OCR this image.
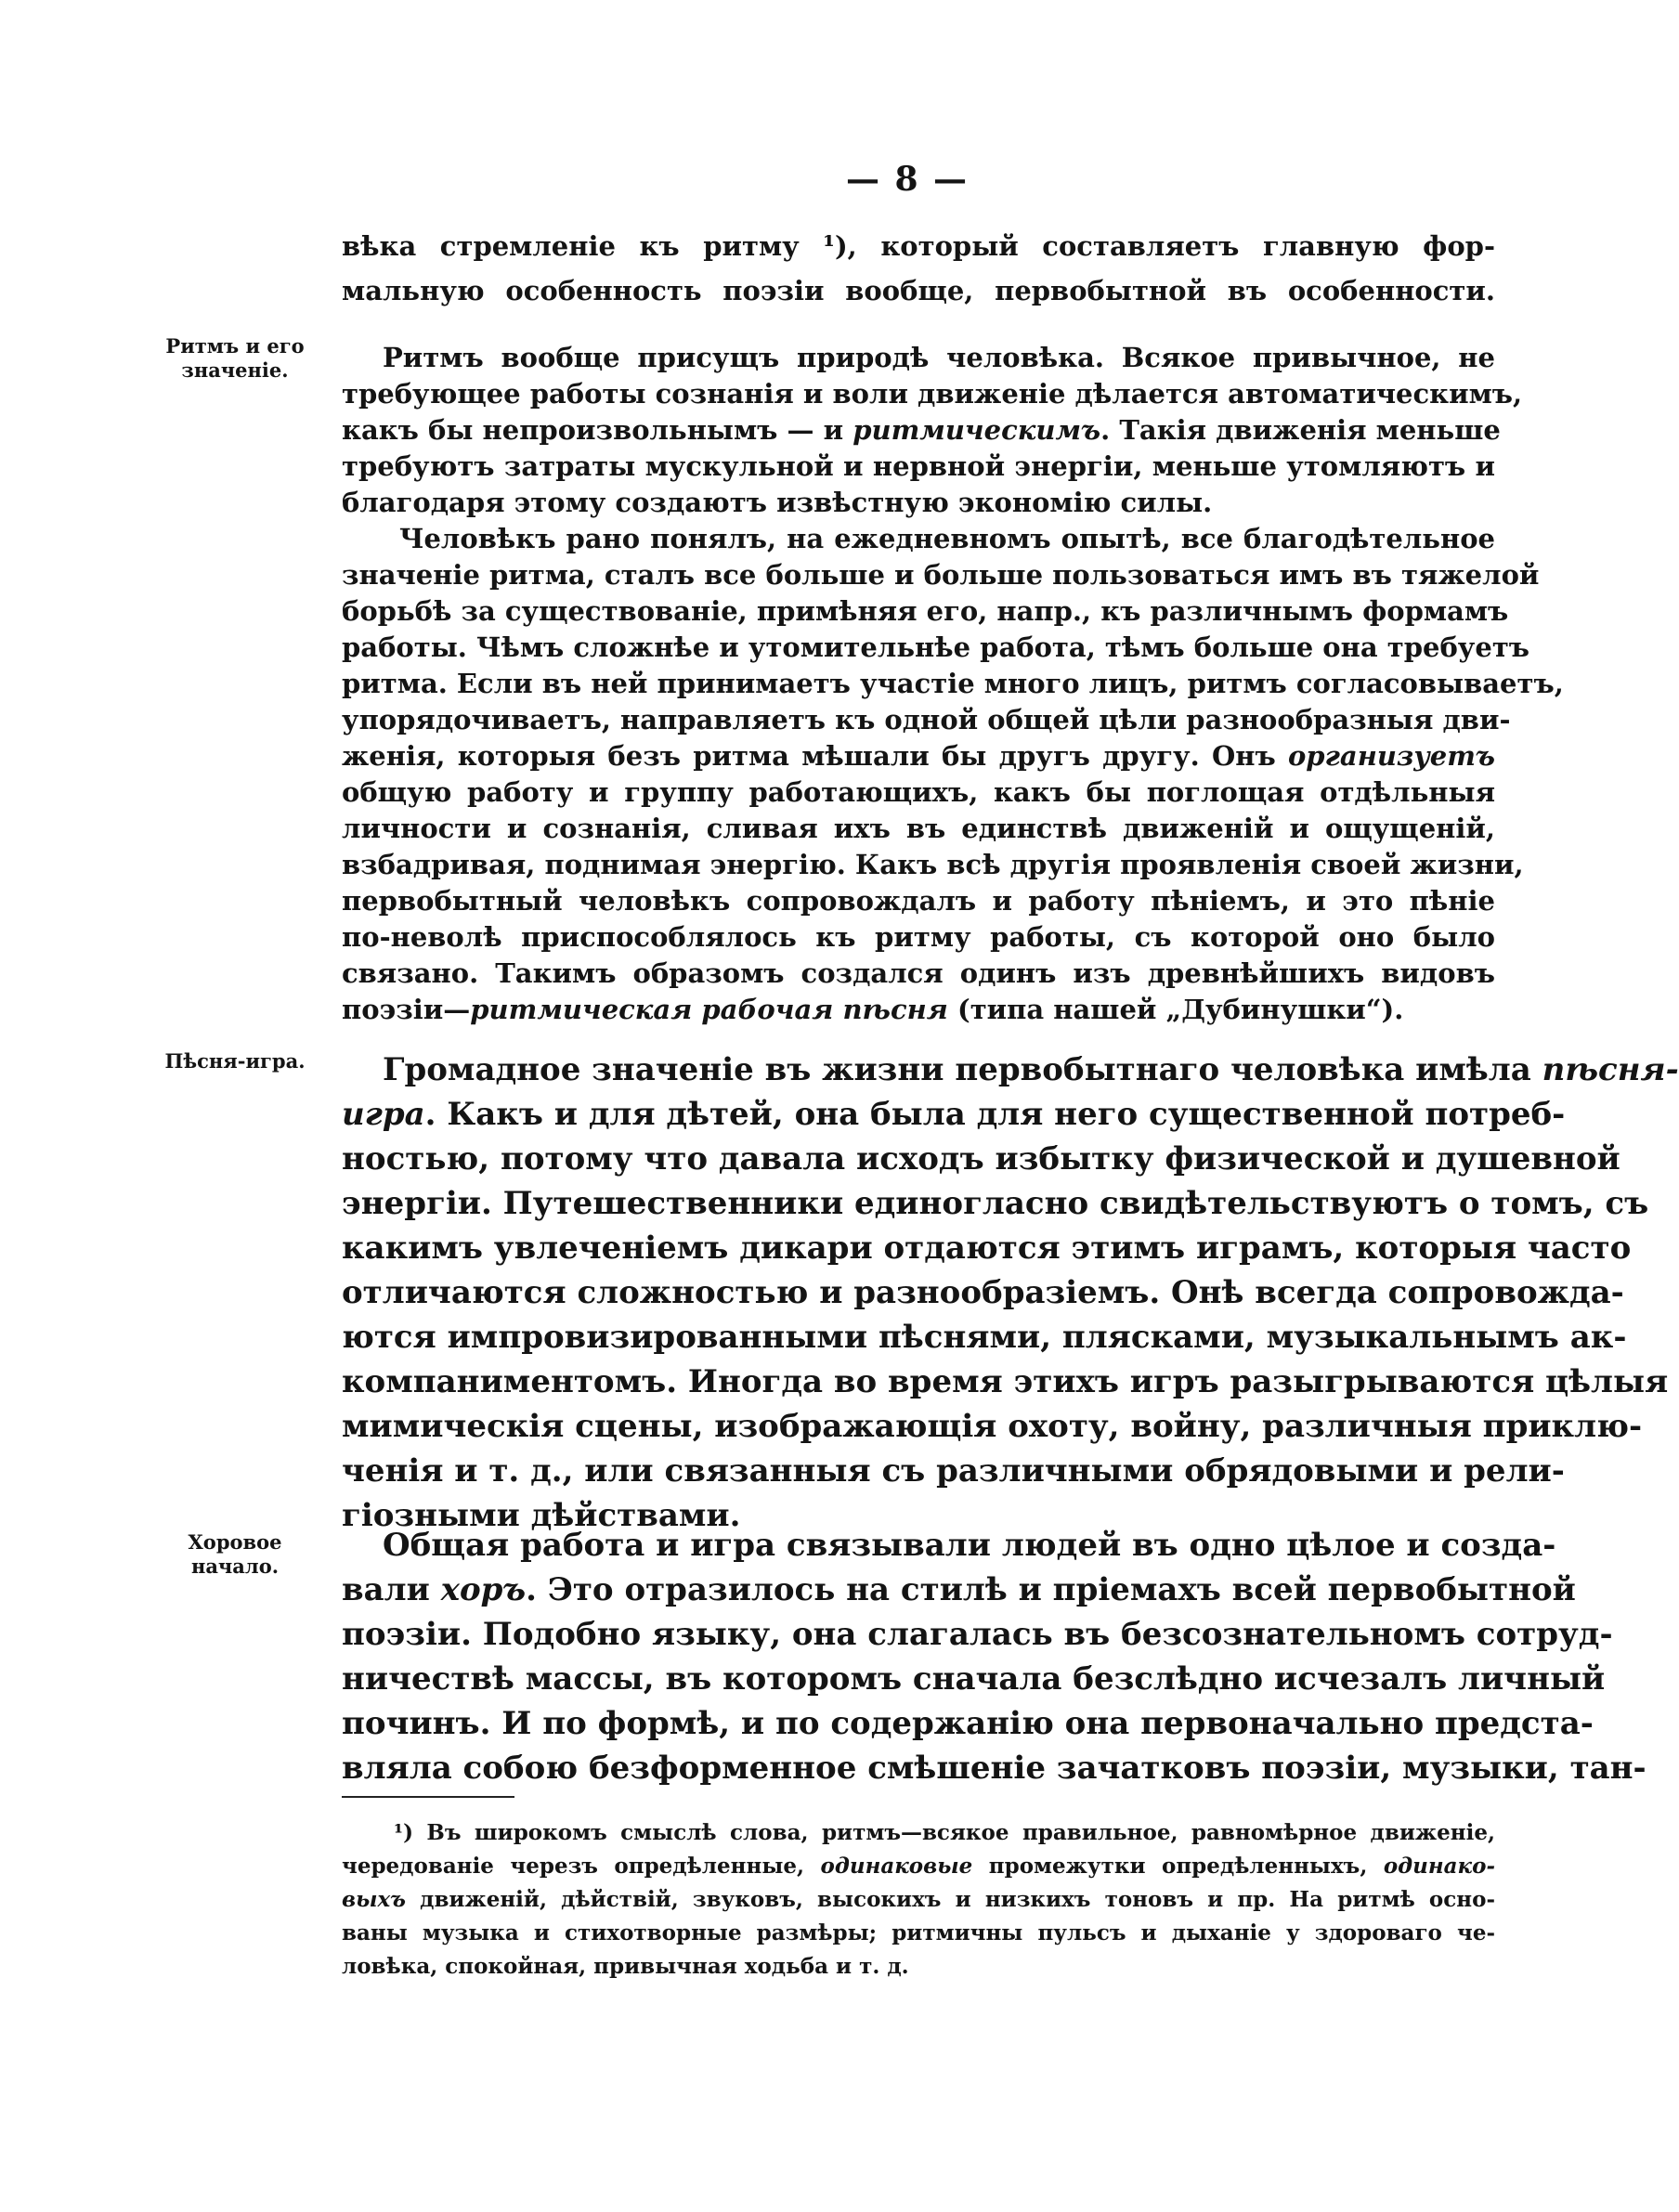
— 8 —
Ритмъ и его
значеніе.
Пѣсня-игра.
Хоровое
начало.
вѣка стремленіе къ ритму ¹), который составляетъ главную фор-
мальную особенность поэзіи вообще, первобытной въ особенности.
Ритмъ вообще присущъ природѣ человѣка. Всякое привычное, не
требующее работы сознанія и воли движеніе дѣлается автоматическимъ,
какъ бы непроизвольнымъ — и ритмическимъ. Такія движенія меньше
требуютъ затраты мускульной и нервной энергіи, меньше утомляютъ и
благодаря этому создаютъ извѣстную экономію силы.
Человѣкъ рано понялъ, на ежедневномъ опытѣ, все благодѣтельное
значеніе ритма, сталъ все больше и больше пользоваться имъ въ тяжелой
борьбѣ за существованіе, примѣняя его, напр., къ различнымъ формамъ
работы. Чѣмъ сложнѣе и утомительнѣе работа, тѣмъ больше она требуетъ
ритма. Если въ ней принимаетъ участіе много лицъ, ритмъ согласовываетъ,
упорядочиваетъ, направляетъ къ одной общей цѣли разнообразныя дви-
женія, которыя безъ ритма мѣшали бы другъ другу. Онъ организуетъ
общую работу и группу работающихъ, какъ бы поглощая отдѣльныя
личности и сознанія, сливая ихъ въ единствѣ движеній и ощущеній,
взбадривая, поднимая энергію. Какъ всѣ другія проявленія своей жизни,
первобытный человѣкъ сопровождалъ и работу пѣніемъ, и это пѣніе
по-неволѣ приспособлялось къ ритму работы, съ которой оно было
связано. Такимъ образомъ создался одинъ изъ древнѣйшихъ видовъ
поэзіи—ритмическая рабочая пѣсня (типа нашей „Дубинушки“).
Громадное значеніе въ жизни первобытнаго человѣка имѣла пѣсня-
игра. Какъ и для дѣтей, она была для него существенной потреб-
ностью, потому что давала исходъ избытку физической и душевной
энергіи. Путешественники единогласно свидѣтельствуютъ о томъ, съ
какимъ увлеченіемъ дикари отдаются этимъ играмъ, которыя часто
отличаются сложностью и разнообразіемъ. Онѣ всегда сопровожда-
ются импровизированными пѣснями, плясками, музыкальнымъ ак-
компаниментомъ. Иногда во время этихъ игръ разыгрываются цѣлыя
мимическія сцены, изображающія охоту, войну, различныя приклю-
ченія и т. д., или связанныя съ различными обрядовыми и рели-
гіозными дѣйствами.
Общая работа и игра связывали людей въ одно цѣлое и созда-
вали хоръ. Это отразилось на стилѣ и пріемахъ всей первобытной
поэзіи. Подобно языку, она слагалась въ безсознательномъ сотруд-
ничествѣ массы, въ которомъ сначала безслѣдно исчезалъ личный
починъ. И по формѣ, и по содержанію она первоначально предста-
вляла собою безформенное смѣшеніе зачатковъ поэзіи, музыки, тан-
¹) Въ широкомъ смыслѣ слова, ритмъ—всякое правильное, равномѣрное движеніе,
чередованіе черезъ опредѣленные, одинаковые промежутки опредѣленныхъ, одинако-
выхъ движеній, дѣйствій, звуковъ, высокихъ и низкихъ тоновъ и пр. На ритмѣ осно-
ваны музыка и стихотворные размѣры; ритмичны пульсъ и дыханіе у здороваго че-
ловѣка, спокойная, привычная ходьба и т. д.
